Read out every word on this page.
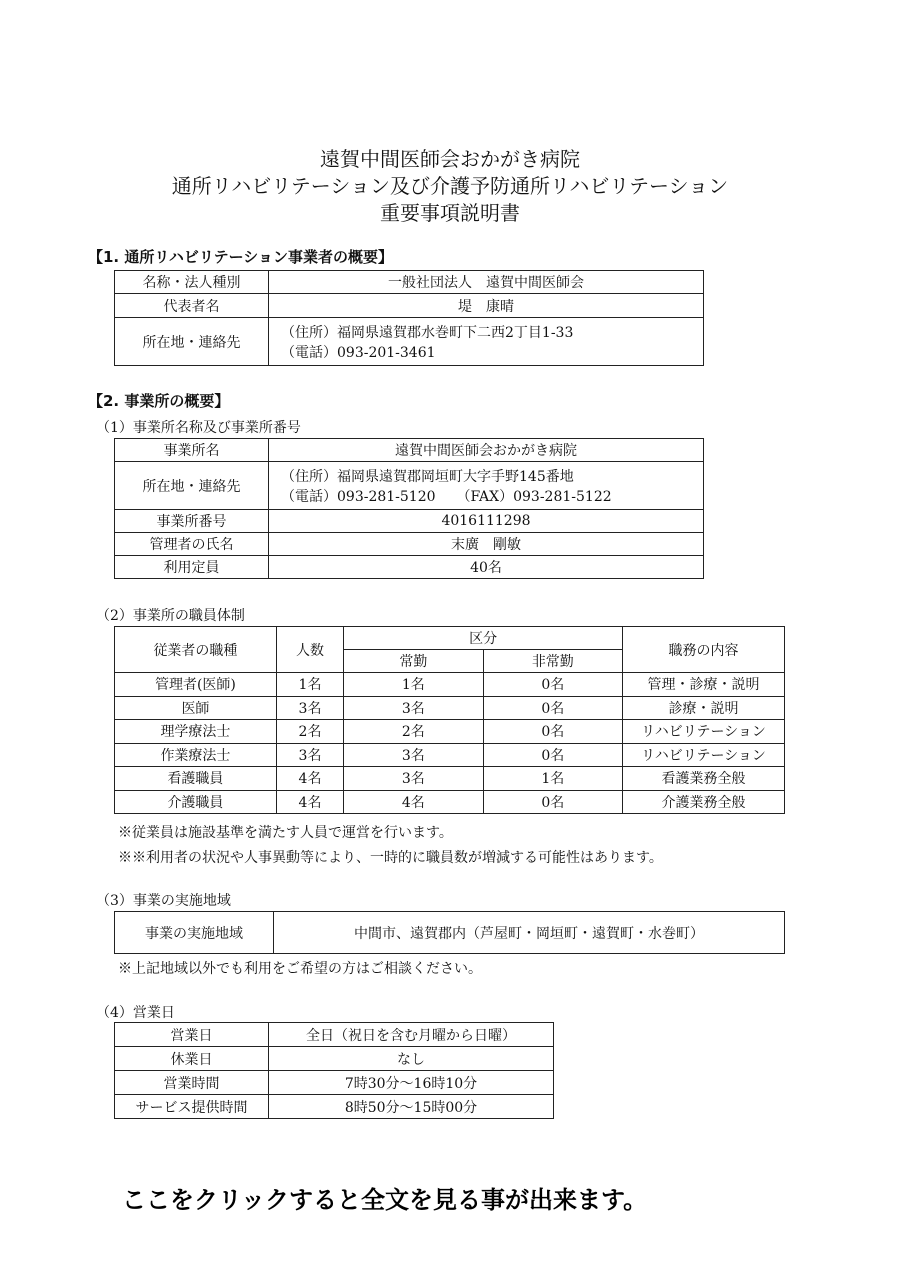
遠賀中間医師会おかがき病院
通所リハビリテーション及び介護予防通所リハビリテーション
重要事項説明書
【1. 通所リハビリテーション事業者の概要】
名称・法人種別	一般社団法人　遠賀中間医師会
代表者名	堤　康晴
所在地・連絡先	（住所）福岡県遠賀郡水巻町下二西2丁目1-33
（電話）093-201-3461
【2. 事業所の概要】
（1）事業所名称及び事業所番号
事業所名	遠賀中間医師会おかがき病院
所在地・連絡先	（住所）福岡県遠賀郡岡垣町大字手野145番地
（電話）093-281-5120　　（FAX）093-281-5122

事業所番号	4016111298
管理者の氏名	末廣　剛敏
利用定員	40名
（2）事業所の職員体制
従業者の職種	人数	区分		職務の内容
		常勤	非常勤	
管理者(医師)	1名	1名	0名	管理・診療・説明
医師	3名	3名	0名	診療・説明
理学療法士	2名	2名	0名	リハビリテーション
作業療法士	3名	3名	0名	リハビリテーション
看護職員	4名	3名	1名	看護業務全般
介護職員	4名	4名	0名	介護業務全般
※従業員は施設基準を満たす人員で運営を行います。
※※利用者の状況や人事異動等により、一時的に職員数が増減する可能性はあります。
（3）事業の実施地域
事業の実施地域	中間市、遠賀郡内（芦屋町・岡垣町・遠賀町・水巻町）
※上記地域以外でも利用をご希望の方はご相談ください。
（4）営業日
営業日	全日（祝日を含む月曜から日曜）
休業日	なし
営業時間	7時30分～16時10分
サービス提供時間	8時50分～15時00分
ここをクリックすると全文を見る事が出来ます。
